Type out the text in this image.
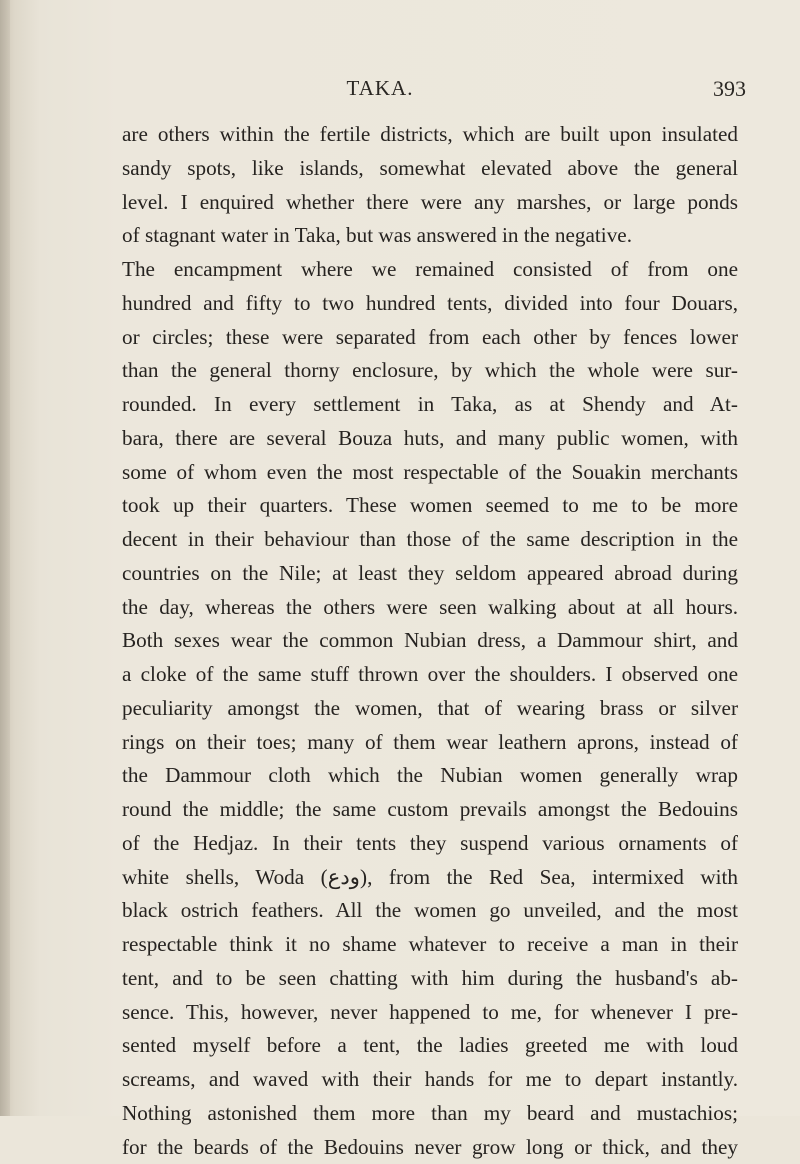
TAKA.	393
are others within the fertile districts, which are built upon insulated
sandy spots, like islands, somewhat elevated above the general
level. I enquired whether there were any marshes, or large ponds
of stagnant water in Taka, but was answered in the negative.
The encampment where we remained consisted of from one
hundred and fifty to two hundred tents, divided into four Douars,
or circles; these were separated from each other by fences lower
than the general thorny enclosure, by which the whole were sur-
rounded. In every settlement in Taka, as at Shendy and At-
bara, there are several Bouza huts, and many public women, with
some of whom even the most respectable of the Souakin merchants
took up their quarters. These women seemed to me to be more
decent in their behaviour than those of the same description in the
countries on the Nile; at least they seldom appeared abroad during
the day, whereas the others were seen walking about at all hours.
Both sexes wear the common Nubian dress, a Dammour shirt, and
a cloke of the same stuff thrown over the shoulders. I observed one
peculiarity amongst the women, that of wearing brass or silver
rings on their toes; many of them wear leathern aprons, instead of
the Dammour cloth which the Nubian women generally wrap
round the middle; the same custom prevails amongst the Bedouins
of the Hedjaz. In their tents they suspend various ornaments of
white shells, Woda (ودع), from the Red Sea, intermixed with
black ostrich feathers. All the women go unveiled, and the most
respectable think it no shame whatever to receive a man in their
tent, and to be seen chatting with him during the husband's ab-
sence. This, however, never happened to me, for whenever I pre-
sented myself before a tent, the ladies greeted me with loud
screams, and waved with their hands for me to depart instantly.
Nothing astonished them more than my beard and mustachios;
for the beards of the Bedouins never grow long or thick, and they
